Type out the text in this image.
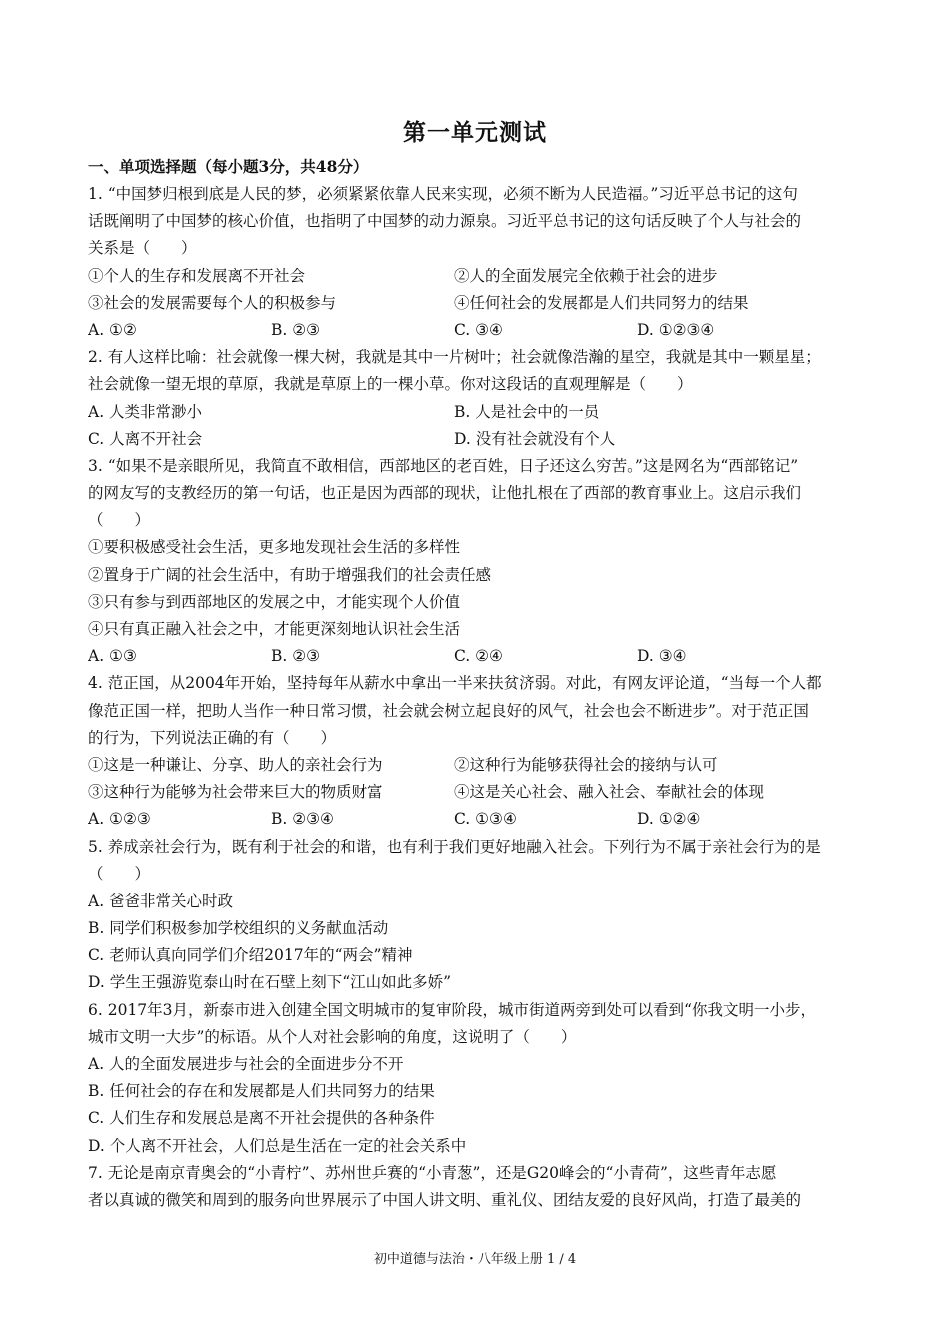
第一单元测试
一、单项选择题（每小题3分，共48分）
1. “中国梦归根到底是人民的梦，必须紧紧依靠人民来实现，必须不断为人民造福。”习近平总书记的这句
话既阐明了中国梦的核心价值，也指明了中国梦的动力源泉。习近平总书记的这句话反映了个人与社会的
关系是（　　）
①个人的生存和发展离不开社会	②人的全面发展完全依赖于社会的进步
③社会的发展需要每个人的积极参与	④任何社会的发展都是人们共同努力的结果
A. ①②	B. ②③	C. ③④	D. ①②③④
2. 有人这样比喻：社会就像一棵大树，我就是其中一片树叶；社会就像浩瀚的星空，我就是其中一颗星星；
社会就像一望无垠的草原，我就是草原上的一棵小草。你对这段话的直观理解是（　　）
A. 人类非常渺小	B. 人是社会中的一员
C. 人离不开社会	D. 没有社会就没有个人
3. “如果不是亲眼所见，我简直不敢相信，西部地区的老百姓，日子还这么穷苦。”这是网名为“西部铭记”
的网友写的支教经历的第一句话，也正是因为西部的现状，让他扎根在了西部的教育事业上。这启示我们
（　　）
①要积极感受社会生活，更多地发现社会生活的多样性
②置身于广阔的社会生活中，有助于增强我们的社会责任感
③只有参与到西部地区的发展之中，才能实现个人价值
④只有真正融入社会之中，才能更深刻地认识社会生活
A. ①③	B. ②③	C. ②④	D. ③④
4. 范正国，从2004年开始，坚持每年从薪水中拿出一半来扶贫济弱。对此，有网友评论道，“当每一个人都
像范正国一样，把助人当作一种日常习惯，社会就会树立起良好的风气，社会也会不断进步”。对于范正国
的行为，下列说法正确的有（　　）
①这是一种谦让、分享、助人的亲社会行为	②这种行为能够获得社会的接纳与认可
③这种行为能够为社会带来巨大的物质财富	④这是关心社会、融入社会、奉献社会的体现
A. ①②③	B. ②③④	C. ①③④	D. ①②④
5. 养成亲社会行为，既有利于社会的和谐，也有利于我们更好地融入社会。下列行为不属于亲社会行为的是
（　　）
A. 爸爸非常关心时政
B. 同学们积极参加学校组织的义务献血活动
C. 老师认真向同学们介绍2017年的“两会”精神
D. 学生王强游览泰山时在石壁上刻下“江山如此多娇”
6. 2017年3月，新泰市进入创建全国文明城市的复审阶段，城市街道两旁到处可以看到“你我文明一小步，
城市文明一大步”的标语。从个人对社会影响的角度，这说明了（　　）
A. 人的全面发展进步与社会的全面进步分不开
B. 任何社会的存在和发展都是人们共同努力的结果
C. 人们生存和发展总是离不开社会提供的各种条件
D. 个人离不开社会，人们总是生活在一定的社会关系中
7. 无论是南京青奥会的“小青柠”、苏州世乒赛的“小青葱”，还是G20峰会的“小青荷”，这些青年志愿
者以真诚的微笑和周到的服务向世界展示了中国人讲文明、重礼仪、团结友爱的良好风尚，打造了最美的
初中道德与法治・八年级上册 1 / 4
